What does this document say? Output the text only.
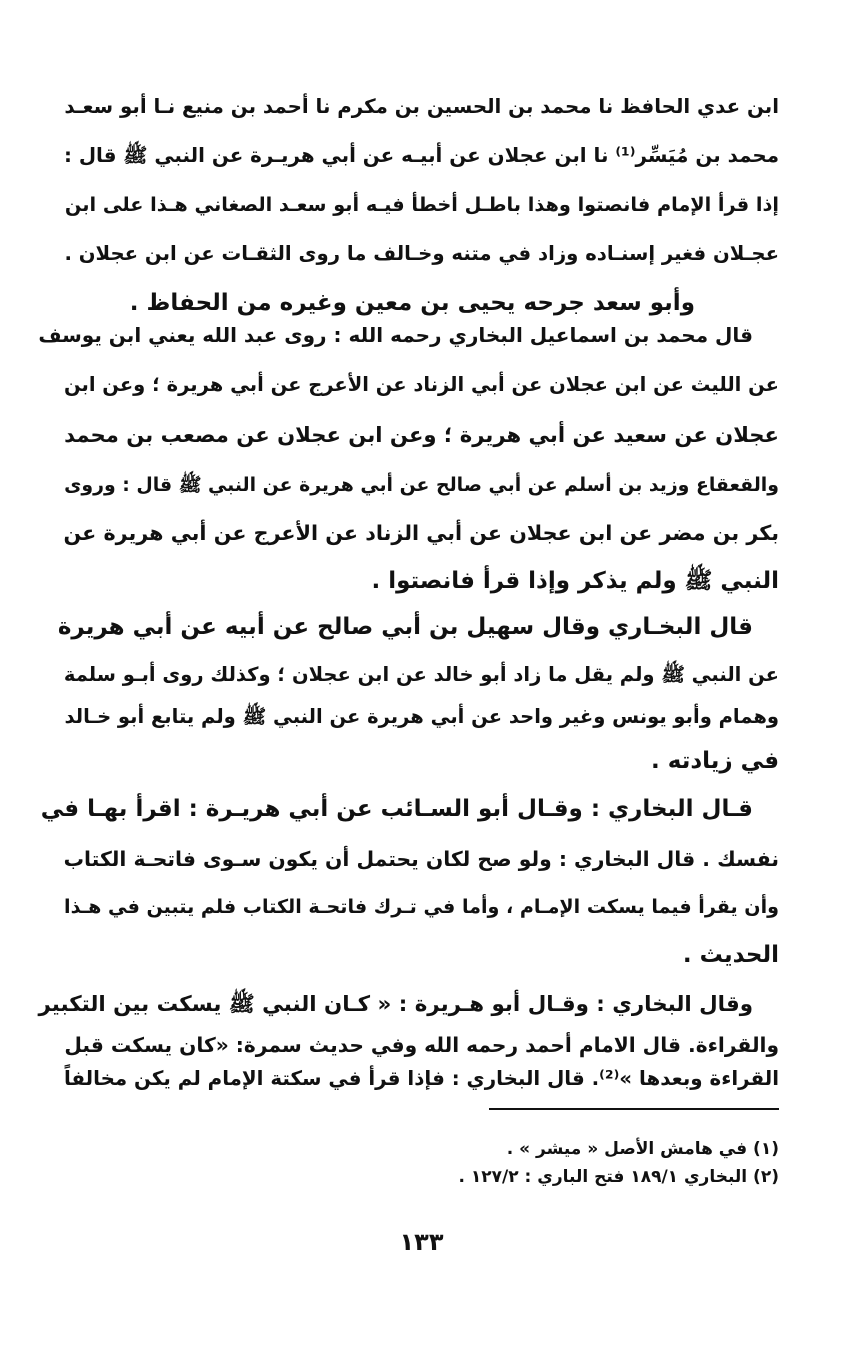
ابن عدي الحافظ نا محمد بن الحسين بن مكرم نا أحمد بن منيع نـا أبو سعـد
محمد بن مُيَسِّر⁽¹⁾ نا ابن عجلان عن أبيـه عن أبي هريـرة عن النبي ﷺ قال :
إذا قرأ الإمام فانصتوا وهذا باطـل أخطأ فيـه أبو سعـد الصغاني هـذا على ابن
عجـلان فغير إسنـاده وزاد في متنه وخـالف ما روى الثقـات عن ابن عجلان .
وأبو سعد جرحه يحيى بن معين وغيره من الحفاظ .
قال محمد بن اسماعيل البخاري رحمه الله : روى عبد الله يعني ابن يوسف
عن الليث عن ابن عجلان عن أبي الزناد عن الأعرج عن أبي هريرة ؛ وعن ابن
عجلان عن سعيد عن أبي هريرة ؛ وعن ابن عجلان عن مصعب بن محمد
والقعقاع وزيد بن أسلم عن أبي صالح عن أبي هريرة عن النبي ﷺ قال : وروى
بكر بن مضر عن ابن عجلان عن أبي الزناد عن الأعرج عن أبي هريرة عن
النبي ﷺ ولم يذكر وإذا قرأ فانصتوا .
قال البخـاري وقال سهيل بن أبي صالح عن أبيه عن أبي هريرة
عن النبي ﷺ ولم يقل ما زاد أبو خالد عن ابن عجلان ؛ وكذلك روى أبـو سلمة
وهمام وأبو يونس وغير واحد عن أبي هريرة عن النبي ﷺ ولم يتابع أبو خـالد
في زيادته .
قـال البخاري : وقـال أبو السـائب عن أبي هريـرة : اقرأ بهـا في
نفسك . قال البخاري : ولو صح لكان يحتمل أن يكون سـوى فاتحـة الكتاب
وأن يقرأ فيما يسكت الإمـام ، وأما في تـرك فاتحـة الكتاب فلم يتبين في هـذا
الحديث .
وقال البخاري : وقـال أبو هـريرة : « كـان النبي ﷺ يسكت بين التكبير
والقراءة. قال الامام أحمد رحمه الله وفي حديث سمرة: «كان يسكت قبل
القراءة وبعدها »⁽²⁾. قال البخاري : فإذا قرأ في سكتة الإمام لم يكن مخالفاً
(١) في هامش الأصل « ميشر » .
(٢) البخاري ١٨٩/١ فتح الباري : ١٢٧/٢ .
١٣٣
